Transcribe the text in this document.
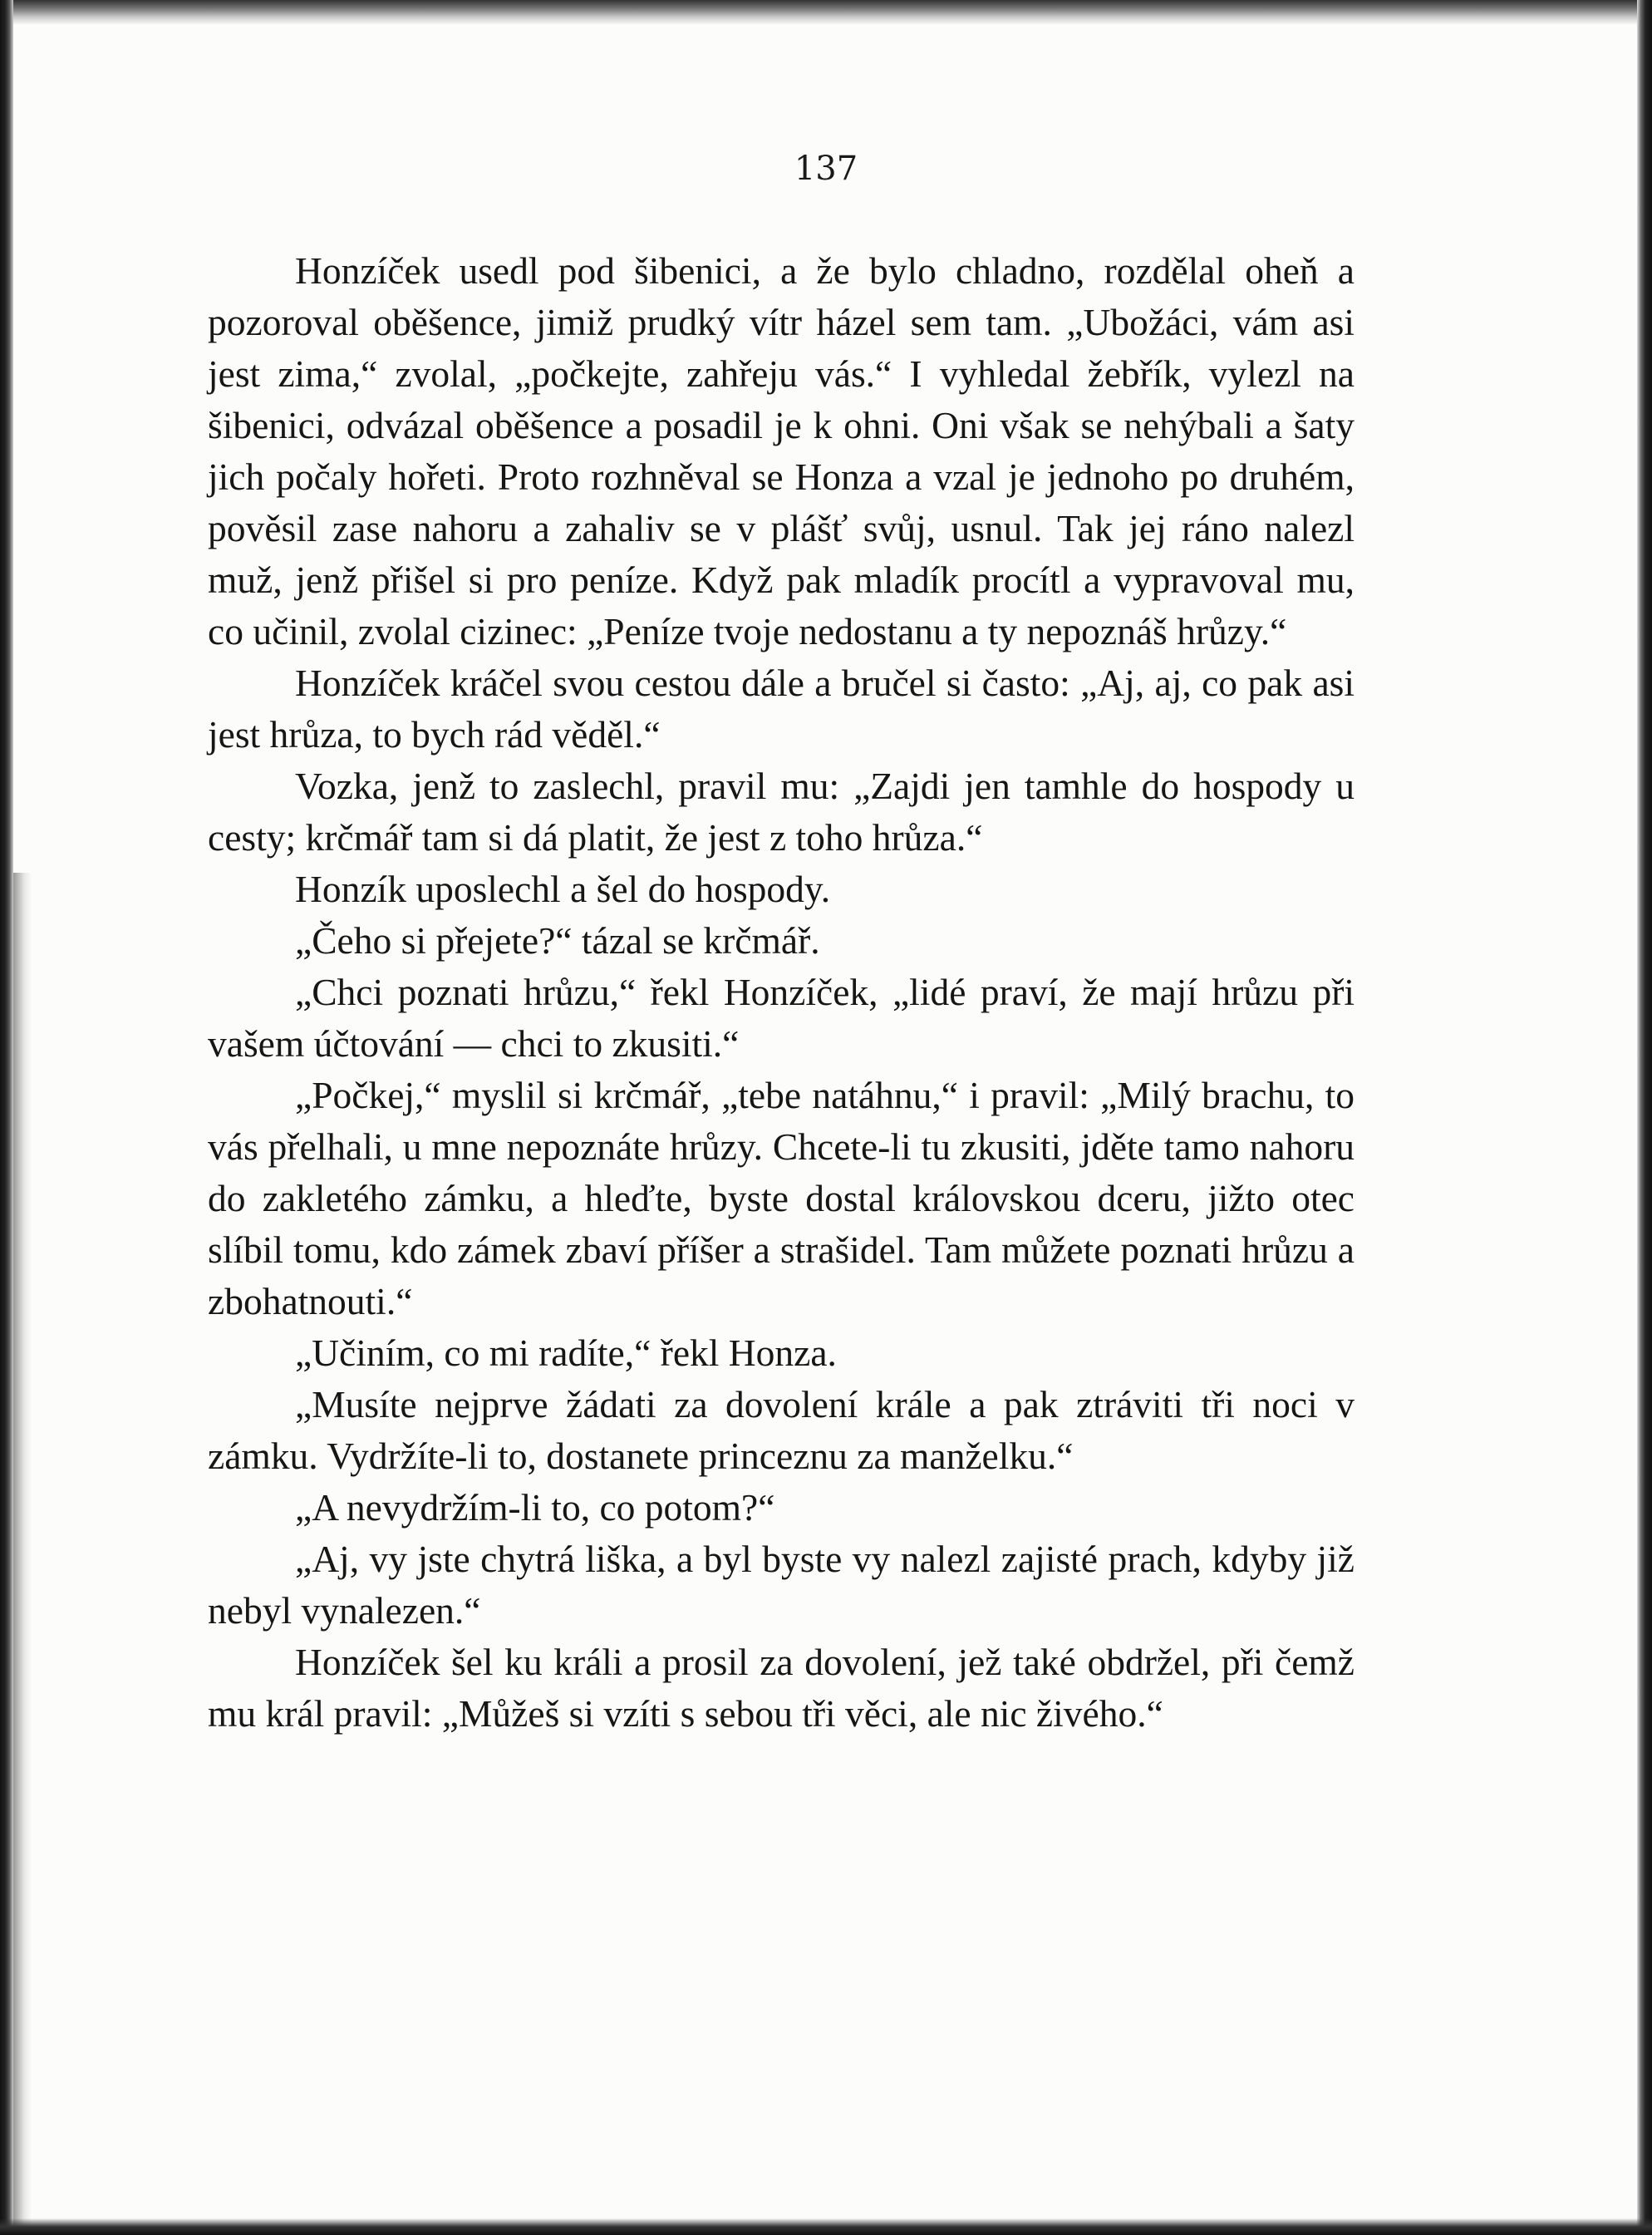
137

Honzíček usedl pod šibenici, a že bylo chladno, rozdělal oheň a pozoroval oběšence, jimiž prudký vítr házel sem tam. „Ubožáci, vám asi jest zima,“ zvolal, „počkejte, zahřeju vás.“ I vyhledal žebřík, vylezl na šibenici, odvázal oběšence a posadil je k ohni. Oni však se nehýbali a šaty jich počaly hořeti. Proto rozhněval se Honza a vzal je jednoho po druhém, pověsil zase nahoru a zahaliv se v plášť svůj, usnul. Tak jej ráno nalezl muž, jenž přišel si pro peníze. Když pak mladík procítl a vypravoval mu, co učinil, zvolal cizinec: „Peníze tvoje nedostanu a ty nepoznáš hrůzy.“

Honzíček kráčel svou cestou dále a bručel si často: „Aj, aj, co pak asi jest hrůza, to bych rád věděl.“

Vozka, jenž to zaslechl, pravil mu: „Zajdi jen tamhle do hospody u cesty; krčmář tam si dá platit, že jest z toho hrůza.“

Honzík uposlechl a šel do hospody.

„Čeho si přejete?“ tázal se krčmář.

„Chci poznati hrůzu,“ řekl Honzíček, „lidé praví, že mají hrůzu při vašem účtování — chci to zkusiti.“

„Počkej,“ myslil si krčmář, „tebe natáhnu,“ i pravil: „Milý brachu, to vás přelhali, u mne nepoznáte hrůzy. Chcete-li tu zkusiti, jděte tamo nahoru do zakletého zámku, a hleďte, byste dostal královskou dceru, jižto otec slíbil tomu, kdo zámek zbaví příšer a strašidel. Tam můžete poznati hrůzu a zbohatnouti.“

„Učiním, co mi radíte,“ řekl Honza.

„Musíte nejprve žádati za dovolení krále a pak ztráviti tři noci v zámku. Vydržíte-li to, dostanete princeznu za manželku.“

„A nevydržím-li to, co potom?“

„Aj, vy jste chytrá liška, a byl byste vy nalezl zajisté prach, kdyby již nebyl vynalezen.“

Honzíček šel ku králi a prosil za dovolení, jež také obdržel, při čemž mu král pravil: „Můžeš si vzíti s sebou tři věci, ale nic živého.“
